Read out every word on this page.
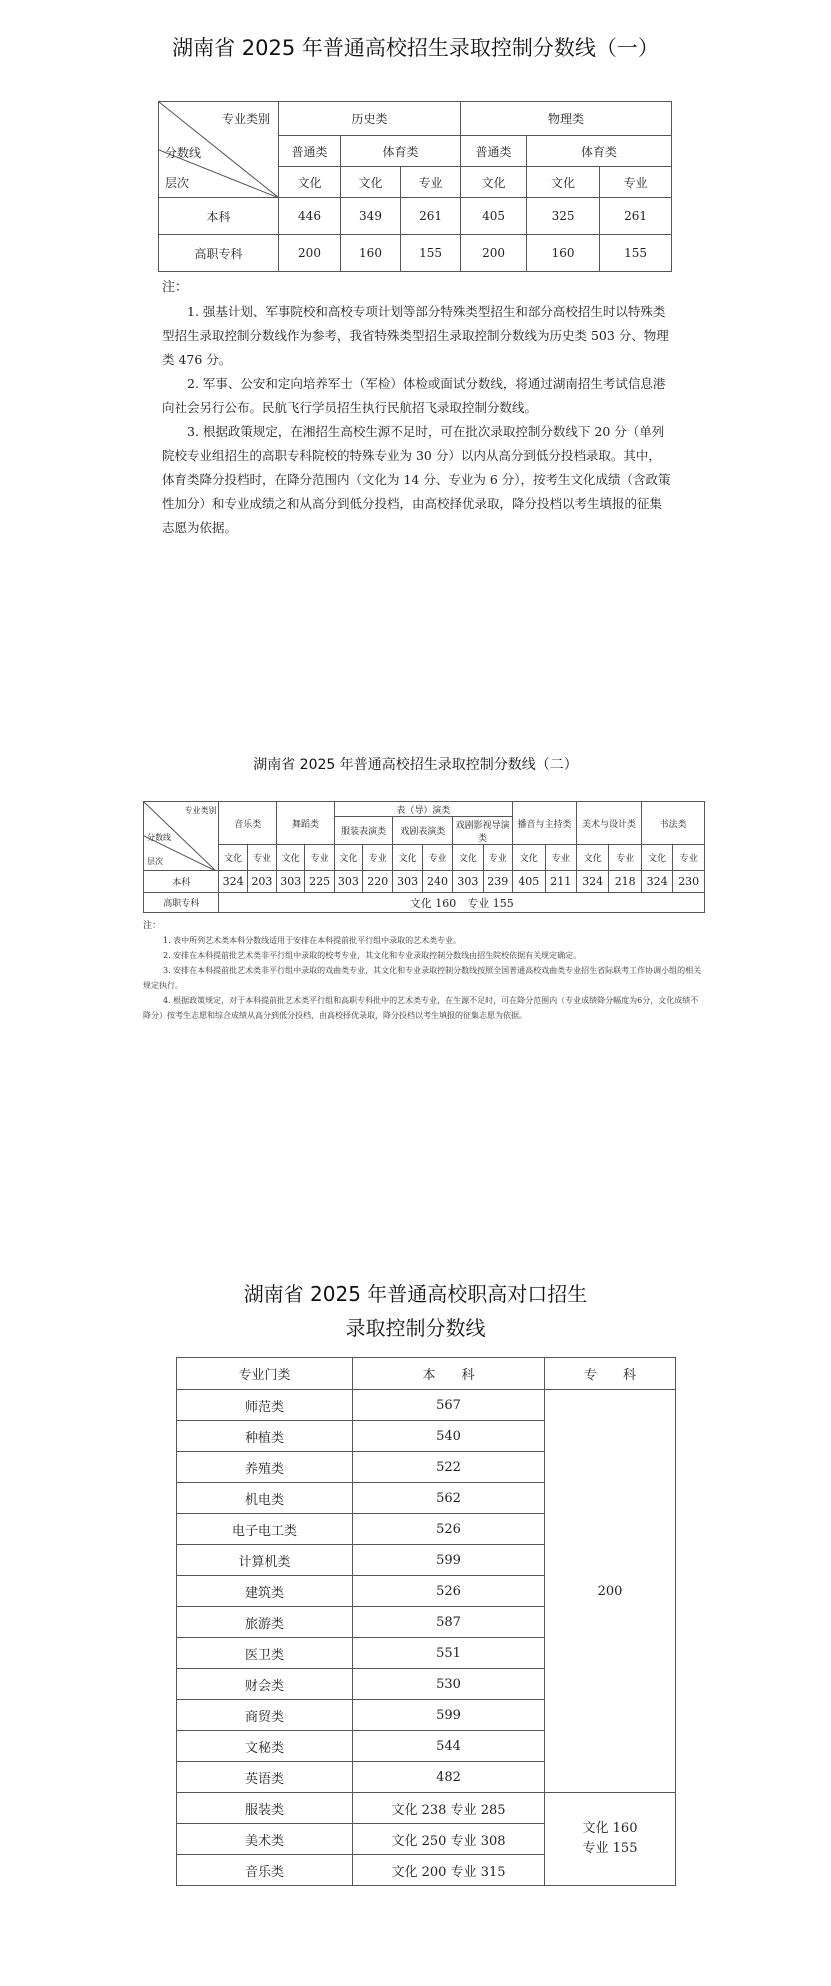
湖南省 2025 年普通高校招生录取控制分数线（一）
专业类别
分数线
层次	历史类			物理类		
	普通类	体育类		普通类	体育类	
	文化	文化	专业	文化	文化	专业
本科	446	349	261	405	325	261
高职专科	200	160	155	200	160	155
注：

1. 强基计划、军事院校和高校专项计划等部分特殊类型招生和部分高校招生时以特殊类型招生录取控制分数线作为参考，我省特殊类型招生录取控制分数线为历史类 503 分、物理类 476 分。

2. 军事、公安和定向培养军士（军检）体检或面试分数线，将通过湖南招生考试信息港向社会另行公布。民航飞行学员招生执行民航招飞录取控制分数线。

3. 根据政策规定，在湘招生高校生源不足时，可在批次录取控制分数线下 20 分（单列院校专业组招生的高职专科院校的特殊专业为 30 分）以内从高分到低分投档录取。其中，体育类降分投档时，在降分范围内（文化为 14 分、专业为 6 分），按考生文化成绩（含政策性加分）和专业成绩之和从高分到低分投档，由高校择优录取，降分投档以考生填报的征集志愿为依据。

湖南省 2025 年普通高校招生录取控制分数线（二）
专业类别
分数线
层次	音乐类		舞蹈类		表（导）演类						播音与主持类		美术与设计类		书法类	
					服装表演类		戏剧表演类		戏剧影视导演类							
	文化	专业	文化	专业	文化	专业	文化	专业	文化	专业	文化	专业	文化	专业	文化	专业
本科	324	203	303	225	303	220	303	240	303	239	405	211	324	218	324	230
高职专科	文化 160　专业 155															
注：

1. 表中所列艺术类本科分数线适用于安排在本科提前批平行组中录取的艺术类专业。

2. 安排在本科提前批艺术类非平行组中录取的校考专业，其文化和专业录取控制分数线由招生院校依据有关规定确定。

3. 安排在本科提前批艺术类非平行组中录取的戏曲类专业，其文化和专业录取控制分数线按照全国普通高校戏曲类专业招生省际联考工作协调小组的相关规定执行。

4. 根据政策规定，对于本科提前批艺术类平行组和高职专科批中的艺术类专业，在生源不足时，可在降分范围内（专业成绩降分幅度为6分，文化成绩不降分）按考生志愿和综合成绩从高分到低分投档，由高校择优录取，降分投档以考生填报的征集志愿为依据。

湖南省 2025 年普通高校职高对口招生
录取控制分数线
专业门类	本　　科	专　　科
师范类	567	200
种植类	540	
养殖类	522	
机电类	562	
电子电工类	526	
计算机类	599	
建筑类	526	
旅游类	587	
医卫类	551	
财会类	530	
商贸类	599	
文秘类	544	
英语类	482	
服装类	文化 238 专业 285	文化 160
专业 155

美术类	文化 250 专业 308	
音乐类	文化 200 专业 315	
